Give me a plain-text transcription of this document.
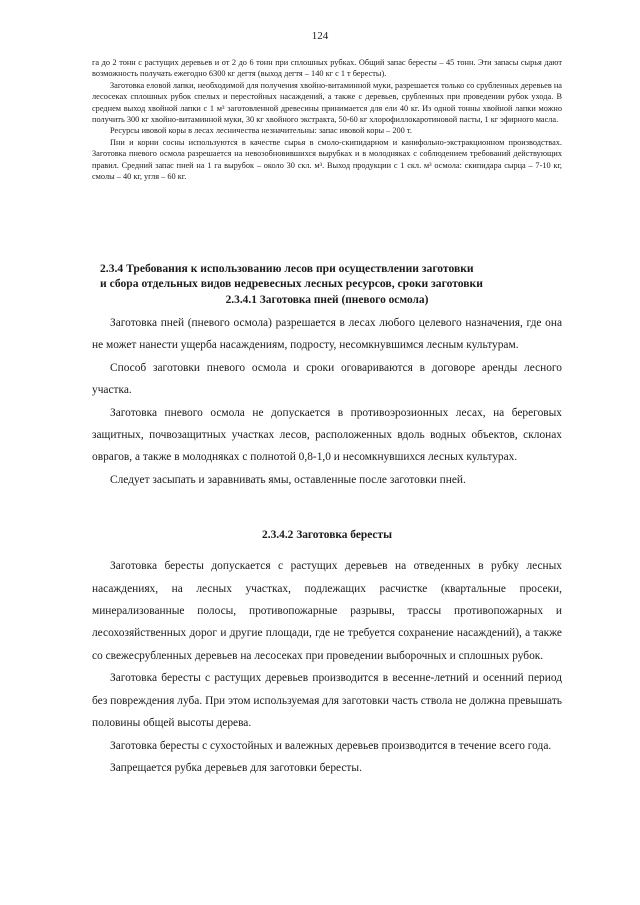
124

га до 2 тонн с растущих деревьев и от 2 до 6 тонн при сплошных рубках. Общий запас бересты – 45 тонн. Эти запасы сырья дают возможность получать ежегодно 6300 кг дегтя (выход дегтя – 140 кг с 1 т бересты).

Заготовка еловой лапки, необходимой для получения хвойно-витаминной муки, разрешается только со срубленных деревьев на лесосеках сплошных рубок спелых и перестойных насаждений, а также с деревьев, срубленных при проведении рубок ухода. В среднем выход хвойной лапки с 1 м³ заготовленной древесины принимается для ели 40 кг. Из одной тонны хвойной лапки можно получить 300 кг хвойно-витаминной муки, 30 кг хвойного экстракта, 50-60 кг хлорофиллокаротиновой пасты, 1 кг эфирного масла.

Ресурсы ивовой коры в лесах лесничества незначительны: запас ивовой коры – 200 т.

Пни и корни сосны используются в качестве сырья в смоло-скипидарном и канифольно-экстракционном производствах. Заготовка пневого осмола разрешается на невозобновившихся вырубках и в молодняках с соблюдением требований действующих правил. Средний запас пней на 1 га вырубок – около 30 скл. м³. Выход продукции с 1 скл. м³ осмола: скипидара сырца – 7-10 кг, смолы – 40 кг, угля – 60 кг.

2.3.4 Требования к использованию лесов при осуществлении заготовки
и сбора отдельных видов недревесных лесных ресурсов, сроки заготовки
2.3.4.1 Заготовка пней (пневого осмола)

Заготовка пней (пневого осмола) разрешается в лесах любого целевого назначения, где она не может нанести ущерба насаждениям, подросту, несомкнувшимся лесным культурам.

Способ заготовки пневого осмола и сроки оговариваются в договоре аренды лесного участка.

Заготовка пневого осмола не допускается в противоэрозионных лесах, на береговых защитных, почвозащитных участках лесов, расположенных вдоль водных объектов, склонах оврагов, а также в молодняках с полнотой 0,8-1,0 и несомкнувшихся лесных культурах.

Следует засыпать и заравнивать ямы, оставленные после заготовки пней.

2.3.4.2 Заготовка бересты

Заготовка бересты допускается с растущих деревьев на отведенных в рубку лесных насаждениях, на лесных участках, подлежащих расчистке (квартальные просеки, минерализованные полосы, противопожарные разрывы, трассы противопожарных и лесохозяйственных дорог и другие площади, где не требуется сохранение насаждений), а также со свежесрубленных деревьев на лесосеках при проведении выборочных и сплошных рубок.

Заготовка бересты с растущих деревьев производится в весенне-летний и осенний период без повреждения луба. При этом используемая для заготовки часть ствола не должна превышать половины общей высоты дерева.

Заготовка бересты с сухостойных и валежных деревьев производится в течение всего года.

Запрещается рубка деревьев для заготовки бересты.
